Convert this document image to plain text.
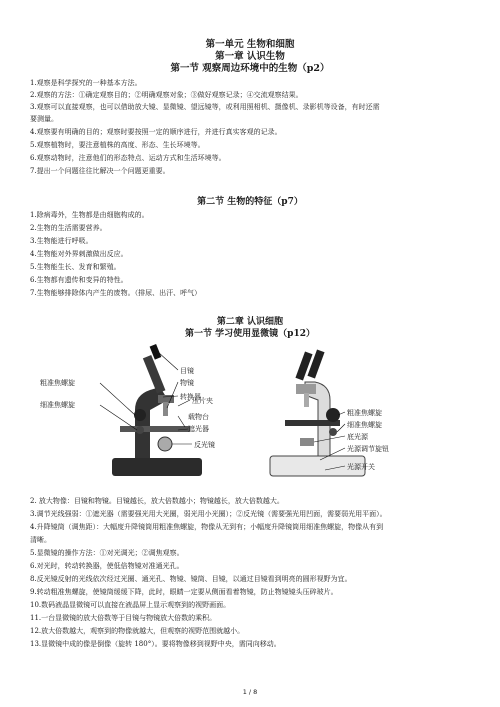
第一单元 生物和细胞
第一章 认识生物
第一节 观察周边环境中的生物（p2）
1.观察是科学探究的一种基本方法。
2.观察的方法：①确定观察目的；②明确观察对象；③做好观察记录；④交流观察结果。
3.观察可以直接观察，也可以借助放大镜、显微镜、望远镜等，或利用照相机、摄像机、录影机等设备，有时还需
要测量。
4.观察要有明确的目的；观察时要按照一定的顺序进行，并进行真实客观的记录。
5.观察植物时，要注意植株的高度、形态、生长环境等。
6.观察动物时，注意他们的形态特点、运动方式和生活环境等。
7.提出一个问题往往比解决一个问题更重要。
第二节 生物的特征（p7）
1.除病毒外，生物都是由细胞构成的。
2.生物的生活需要营养。
3.生物能进行呼吸。
4.生物能对外界刺激做出反应。
5.生物能生长、发育和繁殖。
6.生物都有遗传和变异的特性。
7.生物能够排除体内产生的废物。（排尿、出汗、呼气）
第二章 认识细胞
第一节 学习使用显微镜（p12）
目镜
转换器
物镜
粗准焦螺旋
细准焦螺旋	压片夹
载物台
遮光器
反光镜
粗准焦螺旋
细准焦螺旋
底光源
光源调节旋钮
光源开关
2. 放大物像：目镜和物镜。目镜越长，放大倍数越小；物镜越长，放大倍数越大。
3.调节光线强弱：①遮光器（需要强光用大光圈，弱光用小光圈）；②反光镜（需要强光用凹面，需要弱光用平面）。
4.升降镜筒（调焦距）：大幅度升降镜筒用粗准焦螺旋，物像从无到有；小幅度升降镜筒用细准焦螺旋，物像从有到
清晰。
5.显微镜的操作方法：①对光调光；②调焦观察。
6.对光时，转动转换器，使低倍物镜对准通光孔。
8.反光镜反射的光线依次经过光圈、通光孔、物镜、镜筒、目镜，以通过目镜看到明亮的圆形视野为宜。
9.转动粗准焦螺旋，使镜筒缓缓下降，此时，眼睛一定要从侧面看着物镜，防止物镜镜头压碎玻片。
10.数码液晶显微镜可以直接在液晶屏上显示观察到的视野画面。
11.一台显微镜的放大倍数等于目镜与物镜放大倍数的乘积。
12.放大倍数越大，观察到的物像就越大，但观察的视野范围就越小。
13.显微镜中成的像是倒像（旋转 180°）。要将物像移到视野中央，需同向移动。
1 / 8
